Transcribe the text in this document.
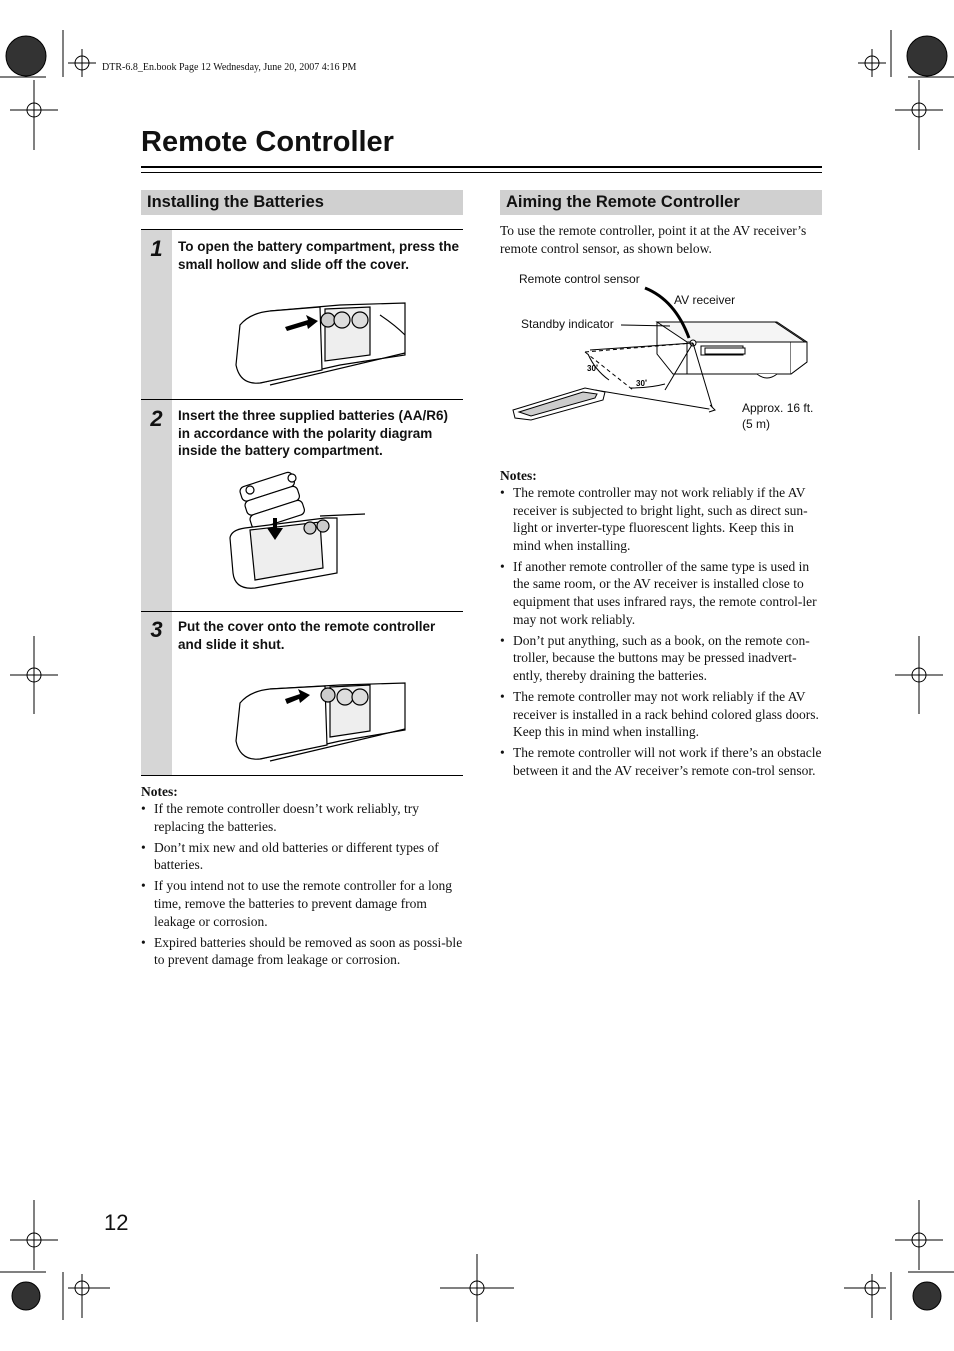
DTR-6.8_En.book Page 12 Wednesday, June 20, 2007 4:16 PM
Remote Controller
Installing the Batteries
1	To open the battery compartment, press the small hollow and slide off the cover.
2	Insert the three supplied batteries (AA/R6) in accordance with the polarity diagram inside the battery compartment.
3	Put the cover onto the remote controller and slide it shut.
Notes:
• If the remote controller doesn’t work reliably, try replacing the batteries.
• Don’t mix new and old batteries or different types of batteries.
• If you intend not to use the remote controller for a long time, remove the batteries to prevent damage from leakage or corrosion.
• Expired batteries should be removed as soon as possi-ble to prevent damage from leakage or corrosion.
Aiming the Remote Controller
To use the remote controller, point it at the AV receiver’s remote control sensor, as shown below.
30˚
30˚
Remote control sensor
AV receiver
Standby indicator
Approx. 16 ft.
(5 m)
Notes:
• The remote controller may not work reliably if the AV receiver is subjected to bright light, such as direct sun-light or inverter-type fluorescent lights. Keep this in mind when installing.
• If another remote controller of the same type is used in the same room, or the AV receiver is installed close to equipment that uses infrared rays, the remote control-ler may not work reliably.
• Don’t put anything, such as a book, on the remote con-troller, because the buttons may be pressed inadvert-ently, thereby draining the batteries.
• The remote controller may not work reliably if the AV receiver is installed in a rack behind colored glass doors. Keep this in mind when installing.
• The remote controller will not work if there’s an obstacle between it and the AV receiver’s remote con-trol sensor.
12
